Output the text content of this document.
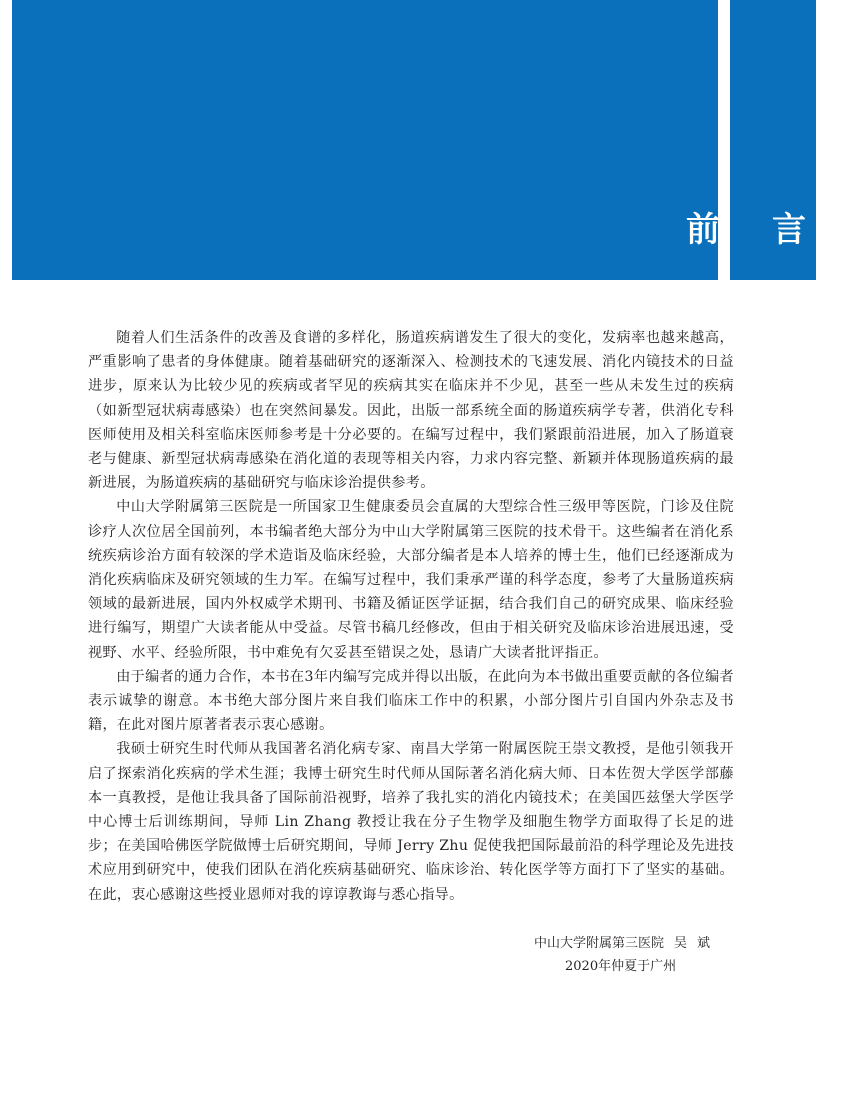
前言

随着人们生活条件的改善及食谱的多样化，肠道疾病谱发生了很大的变化，发病率也越来越高，严重影响了患者的身体健康。随着基础研究的逐渐深入、检测技术的飞速发展、消化内镜技术的日益进步，原来认为比较少见的疾病或者罕见的疾病其实在临床并不少见，甚至一些从未发生过的疾病（如新型冠状病毒感染）也在突然间暴发。因此，出版一部系统全面的肠道疾病学专著，供消化专科医师使用及相关科室临床医师参考是十分必要的。在编写过程中，我们紧跟前沿进展，加入了肠道衰老与健康、新型冠状病毒感染在消化道的表现等相关内容，力求内容完整、新颖并体现肠道疾病的最新进展，为肠道疾病的基础研究与临床诊治提供参考。

中山大学附属第三医院是一所国家卫生健康委员会直属的大型综合性三级甲等医院，门诊及住院诊疗人次位居全国前列，本书编者绝大部分为中山大学附属第三医院的技术骨干。这些编者在消化系统疾病诊治方面有较深的学术造诣及临床经验，大部分编者是本人培养的博士生，他们已经逐渐成为消化疾病临床及研究领域的生力军。在编写过程中，我们秉承严谨的科学态度，参考了大量肠道疾病领域的最新进展，国内外权威学术期刊、书籍及循证医学证据，结合我们自己的研究成果、临床经验进行编写，期望广大读者能从中受益。尽管书稿几经修改，但由于相关研究及临床诊治进展迅速，受视野、水平、经验所限，书中难免有欠妥甚至错误之处，恳请广大读者批评指正。

由于编者的通力合作，本书在3年内编写完成并得以出版，在此向为本书做出重要贡献的各位编者表示诚挚的谢意。本书绝大部分图片来自我们临床工作中的积累，小部分图片引自国内外杂志及书籍，在此对图片原著者表示衷心感谢。

我硕士研究生时代师从我国著名消化病专家、南昌大学第一附属医院王崇文教授，是他引领我开启了探索消化疾病的学术生涯；我博士研究生时代师从国际著名消化病大师、日本佐贺大学医学部藤本一真教授，是他让我具备了国际前沿视野，培养了我扎实的消化内镜技术；在美国匹兹堡大学医学中心博士后训练期间，导师 Lin Zhang 教授让我在分子生物学及细胞生物学方面取得了长足的进步；在美国哈佛医学院做博士后研究期间，导师 Jerry Zhu 促使我把国际最前沿的科学理论及先进技术应用到研究中，使我们团队在消化疾病基础研究、临床诊治、转化医学等方面打下了坚实的基础。在此，衷心感谢这些授业恩师对我的谆谆教诲与悉心指导。

中山大学附属第三医院 吴斌
2020年仲夏于广州
